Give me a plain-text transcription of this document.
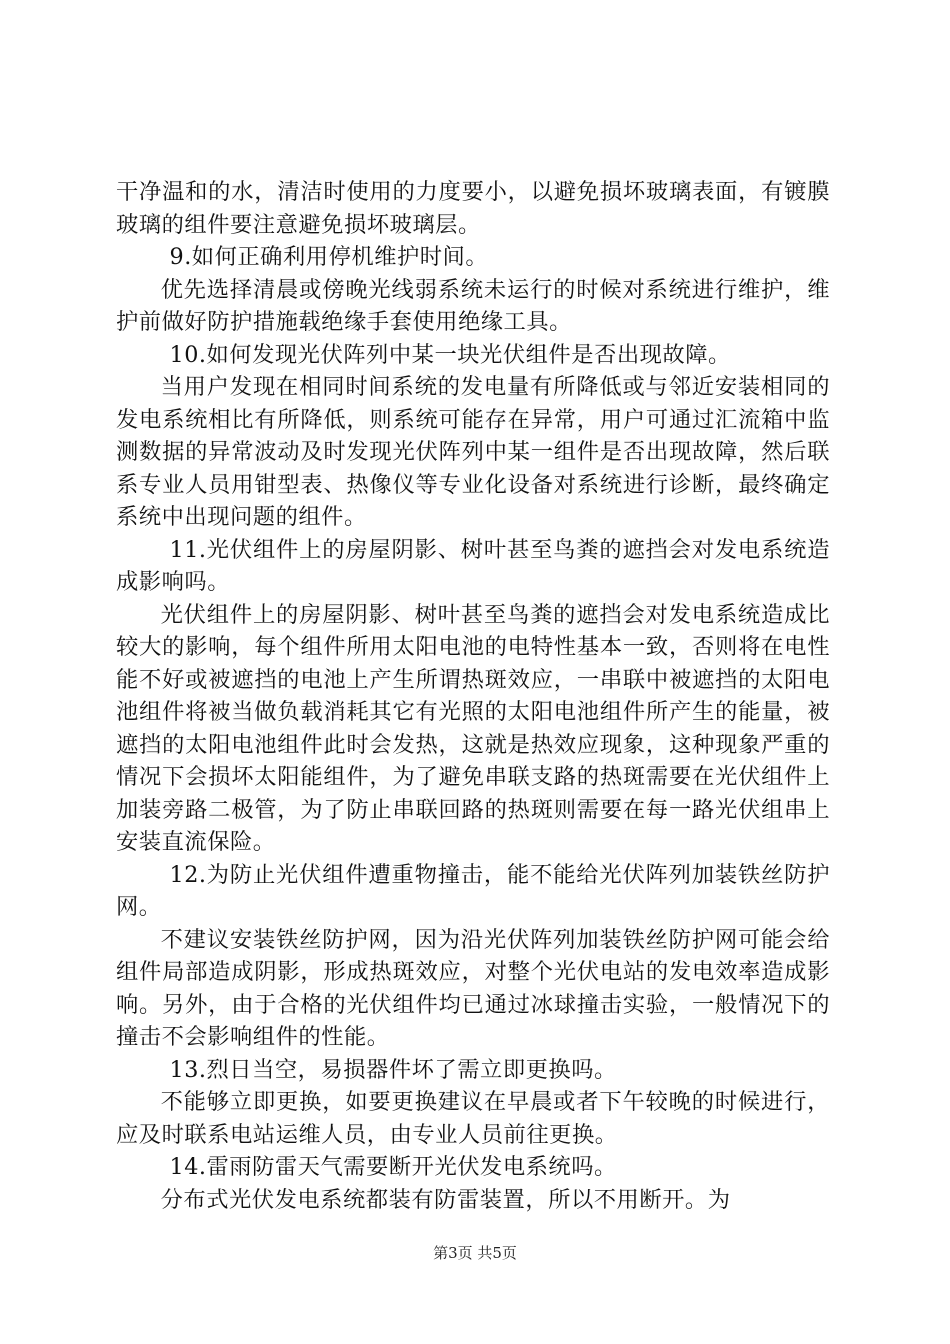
干净温和的水，清洁时使用的力度要小，以避免损坏玻璃表面，有镀膜玻璃的组件要注意避免损坏玻璃层。

9.如何正确利用停机维护时间。

优先选择清晨或傍晚光线弱系统未运行的时候对系统进行维护，维护前做好防护措施载绝缘手套使用绝缘工具。

10.如何发现光伏阵列中某一块光伏组件是否出现故障。

当用户发现在相同时间系统的发电量有所降低或与邻近安装相同的发电系统相比有所降低，则系统可能存在异常，用户可通过汇流箱中监测数据的异常波动及时发现光伏阵列中某一组件是否出现故障，然后联系专业人员用钳型表、热像仪等专业化设备对系统进行诊断，最终确定系统中出现问题的组件。

11.光伏组件上的房屋阴影、树叶甚至鸟粪的遮挡会对发电系统造成影响吗。

光伏组件上的房屋阴影、树叶甚至鸟粪的遮挡会对发电系统造成比较大的影响，每个组件所用太阳电池的电特性基本一致，否则将在电性能不好或被遮挡的电池上产生所谓热斑效应，一串联中被遮挡的太阳电池组件将被当做负载消耗其它有光照的太阳电池组件所产生的能量，被遮挡的太阳电池组件此时会发热，这就是热效应现象，这种现象严重的情况下会损坏太阳能组件，为了避免串联支路的热斑需要在光伏组件上加装旁路二极管，为了防止串联回路的热斑则需要在每一路光伏组串上安装直流保险。

12.为防止光伏组件遭重物撞击，能不能给光伏阵列加装铁丝防护网。

不建议安装铁丝防护网，因为沿光伏阵列加装铁丝防护网可能会给组件局部造成阴影，形成热斑效应，对整个光伏电站的发电效率造成影响。另外，由于合格的光伏组件均已通过冰球撞击实验，一般情况下的撞击不会影响组件的性能。

13.烈日当空，易损器件坏了需立即更换吗。

不能够立即更换，如要更换建议在早晨或者下午较晚的时候进行，应及时联系电站运维人员，由专业人员前往更换。

14.雷雨防雷天气需要断开光伏发电系统吗。

分布式光伏发电系统都装有防雷装置，所以不用断开。为

第3页 共5页
